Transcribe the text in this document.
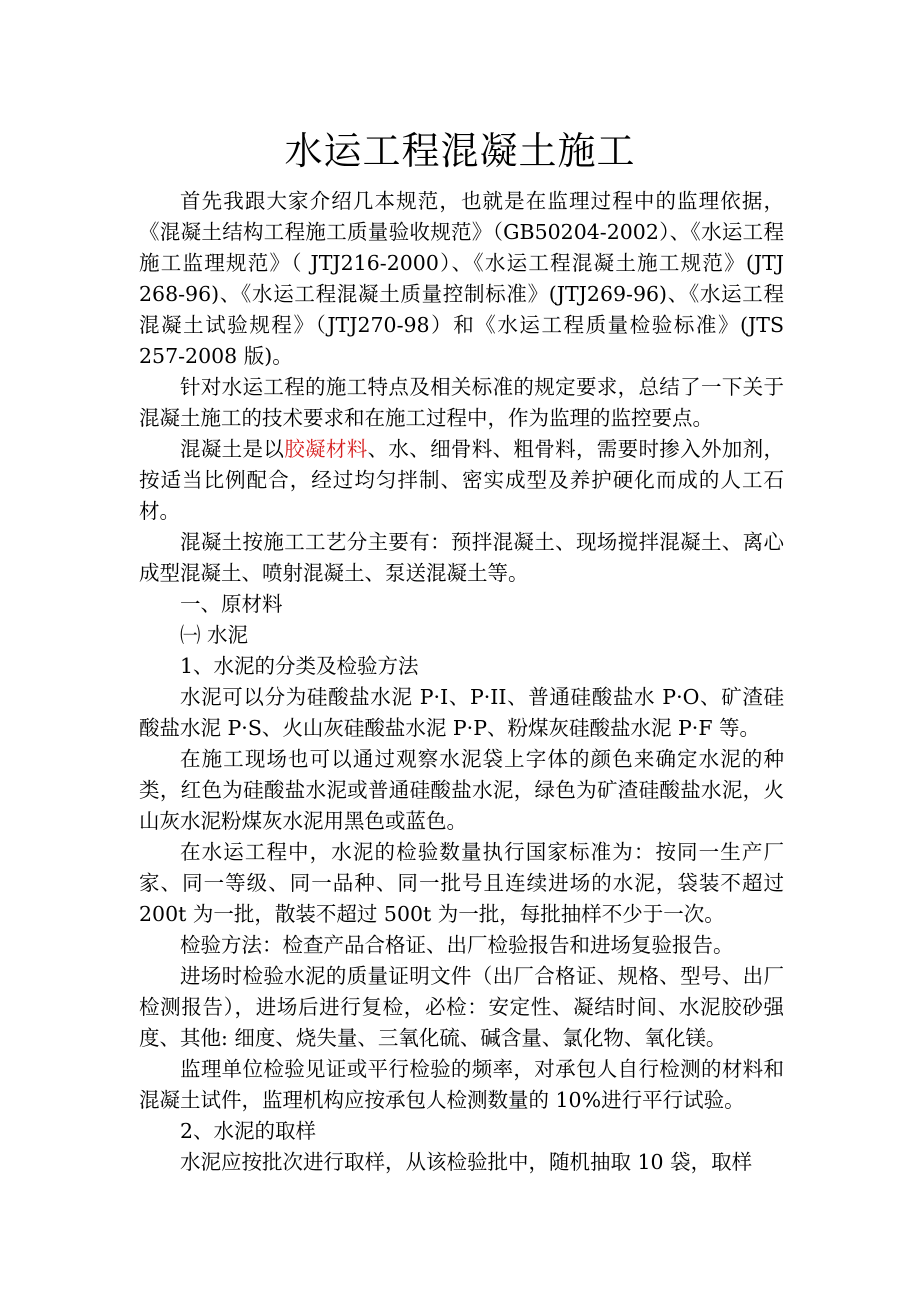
水运工程混凝土施工

首先我跟大家介绍几本规范，也就是在监理过程中的监理依据，《混凝土结构工程施工质量验收规范》（GB50204-2002）、《水运工程施工监理规范》（ JTJ216-2000）、《水运工程混凝土施工规范》(JTJ 268-96)、《水运工程混凝土质量控制标准》(JTJ269-96)、《水运工程混凝土试验规程》（JTJ270-98）和《水运工程质量检验标准》(JTS 257-2008 版)。

针对水运工程的施工特点及相关标准的规定要求，总结了一下关于混凝土施工的技术要求和在施工过程中，作为监理的监控要点。

混凝土是以胶凝材料、水、细骨料、粗骨料，需要时掺入外加剂，按适当比例配合，经过均匀拌制、密实成型及养护硬化而成的人工石材。

混凝土按施工工艺分主要有：预拌混凝土、现场搅拌混凝土、离心成型混凝土、喷射混凝土、泵送混凝土等。

一、原材料

㈠ 水泥

1、水泥的分类及检验方法

水泥可以分为硅酸盐水泥 P·I、P·II、普通硅酸盐水 P·O、矿渣硅酸盐水泥 P·S、火山灰硅酸盐水泥 P·P、粉煤灰硅酸盐水泥 P·F 等。

在施工现场也可以通过观察水泥袋上字体的颜色来确定水泥的种类，红色为硅酸盐水泥或普通硅酸盐水泥，绿色为矿渣硅酸盐水泥，火山灰水泥粉煤灰水泥用黑色或蓝色。

在水运工程中，水泥的检验数量执行国家标准为：按同一生产厂家、同一等级、同一品种、同一批号且连续进场的水泥，袋装不超过 200t 为一批，散装不超过 500t 为一批，每批抽样不少于一次。

检验方法：检查产品合格证、出厂检验报告和进场复验报告。

进场时检验水泥的质量证明文件（出厂合格证、规格、型号、出厂检测报告），进场后进行复检，必检：安定性、凝结时间、水泥胶砂强度、其他: 细度、烧失量、三氧化硫、碱含量、氯化物、氧化镁。

监理单位检验见证或平行检验的频率，对承包人自行检测的材料和混凝土试件，监理机构应按承包人检测数量的 10%进行平行试验。

2、水泥的取样

水泥应按批次进行取样，从该检验批中，随机抽取 10 袋，取样
